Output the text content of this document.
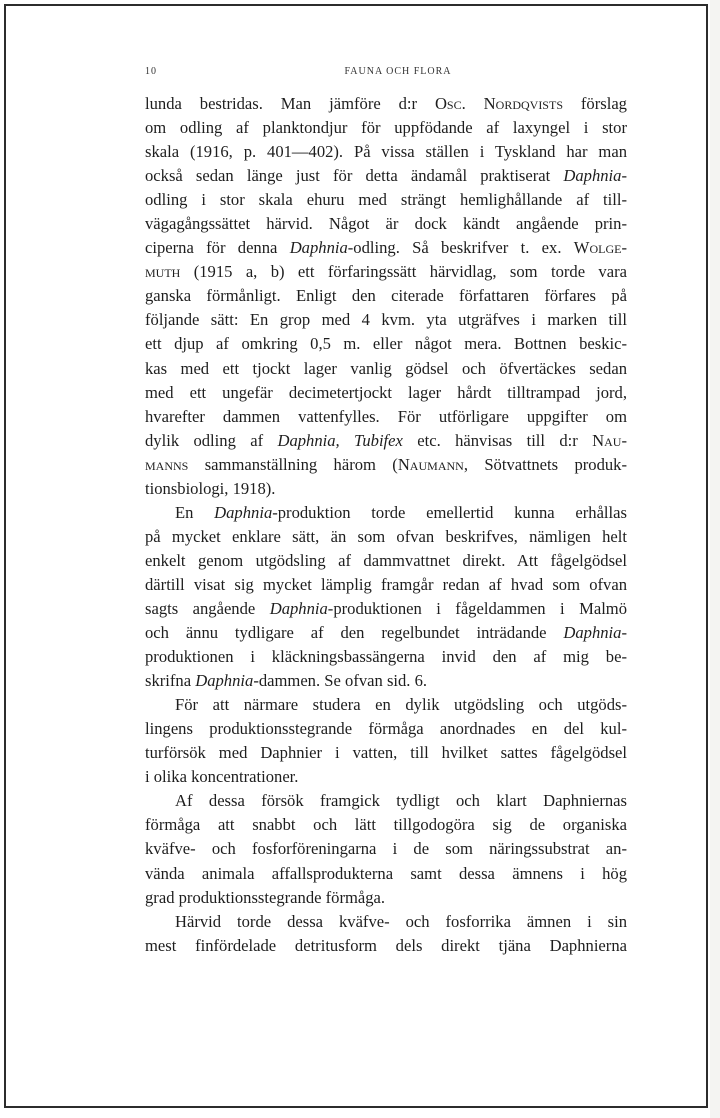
10	FAUNA OCH FLORA
lunda bestridas. Man jämföre d:r Osc. Nordqvists förslag
om odling af planktondjur för uppfödande af laxyngel i stor
skala (1916, p. 401—402). På vissa ställen i Tyskland har man
också sedan länge just för detta ändamål praktiserat Daphnia-
odling i stor skala ehuru med strängt hemlighållande af till-
vägagångssättet härvid. Något är dock kändt angående prin-
ciperna för denna Daphnia-odling. Så beskrifver t. ex. Wolge-
muth (1915 a, b) ett förfaringssätt härvidlag, som torde vara
ganska förmånligt. Enligt den citerade författaren förfares på
följande sätt: En grop med 4 kvm. yta utgräfves i marken till
ett djup af omkring 0,5 m. eller något mera. Bottnen beskic-
kas med ett tjockt lager vanlig gödsel och öfvertäckes sedan
med ett ungefär decimetertjockt lager hårdt tilltrampad jord,
hvarefter dammen vattenfylles. För utförligare uppgifter om
dylik odling af Daphnia, Tubifex etc. hänvisas till d:r Nau-
manns sammanställning härom (Naumann, Sötvattnets produk-
tionsbiologi, 1918).
En Daphnia-produktion torde emellertid kunna erhållas
på mycket enklare sätt, än som ofvan beskrifves, nämligen helt
enkelt genom utgödsling af dammvattnet direkt. Att fågelgödsel
därtill visat sig mycket lämplig framgår redan af hvad som ofvan
sagts angående Daphnia-produktionen i fågeldammen i Malmö
och ännu tydligare af den regelbundet inträdande Daphnia-
produktionen i kläckningsbassängerna invid den af mig be-
skrifna Daphnia-dammen. Se ofvan sid. 6.
För att närmare studera en dylik utgödsling och utgöds-
lingens produktionsstegrande förmåga anordnades en del kul-
turförsök med Daphnier i vatten, till hvilket sattes fågelgödsel
i olika koncentrationer.
Af dessa försök framgick tydligt och klart Daphniernas
förmåga att snabbt och lätt tillgodogöra sig de organiska
kväfve- och fosforföreningarna i de som näringssubstrat an-
vända animala affallsprodukterna samt dessa ämnens i hög
grad produktionsstegrande förmåga.
Härvid torde dessa kväfve- och fosforrika ämnen i sin
mest finfördelade detritusform dels direkt tjäna Daphnierna
